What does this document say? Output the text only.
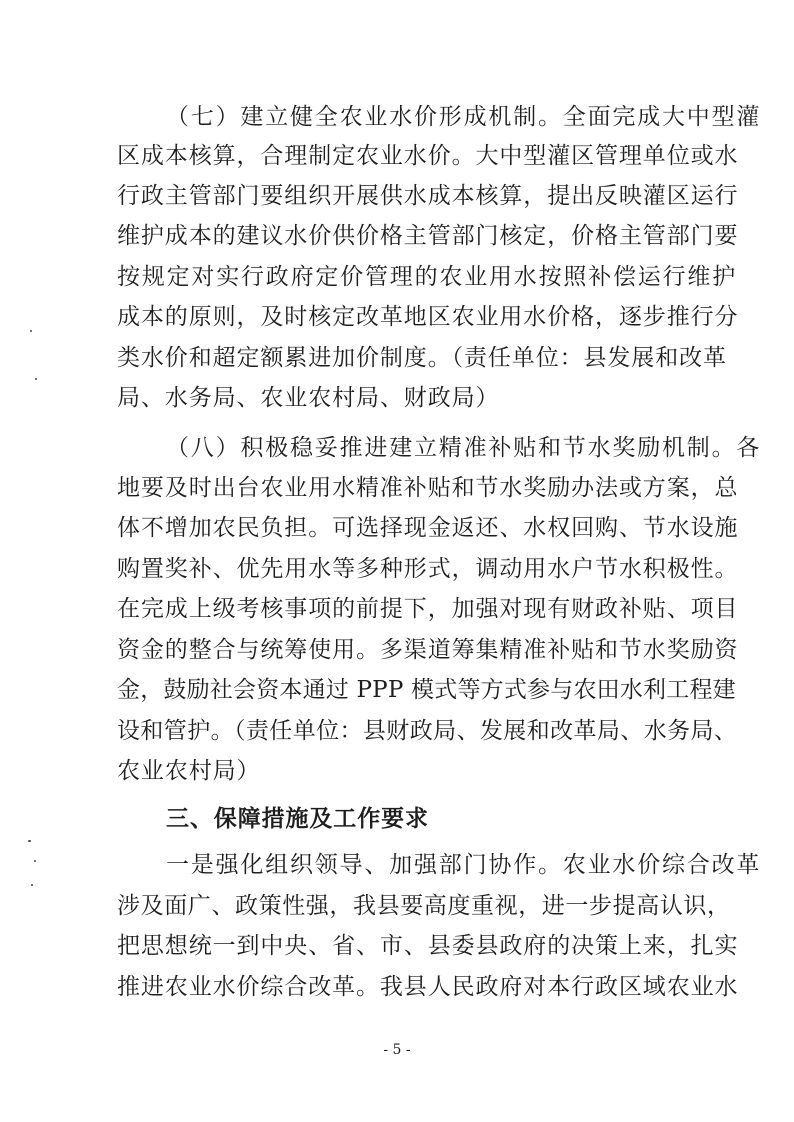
（七）建立健全农业水价形成机制。全面完成大中型灌
区成本核算，合理制定农业水价。大中型灌区管理单位或水
行政主管部门要组织开展供水成本核算，提出反映灌区运行
维护成本的建议水价供价格主管部门核定，价格主管部门要
按规定对实行政府定价管理的农业用水按照补偿运行维护
成本的原则，及时核定改革地区农业用水价格，逐步推行分
类水价和超定额累进加价制度。（责任单位：县发展和改革
局、水务局、农业农村局、财政局）
（八）积极稳妥推进建立精准补贴和节水奖励机制。各
地要及时出台农业用水精准补贴和节水奖励办法或方案，总
体不增加农民负担。可选择现金返还、水权回购、节水设施
购置奖补、优先用水等多种形式，调动用水户节水积极性。
在完成上级考核事项的前提下，加强对现有财政补贴、项目
资金的整合与统筹使用。多渠道筹集精准补贴和节水奖励资
金，鼓励社会资本通过 PPP 模式等方式参与农田水利工程建
设和管护。（责任单位：县财政局、发展和改革局、水务局、
农业农村局）
三、保障措施及工作要求
一是强化组织领导、加强部门协作。农业水价综合改革
涉及面广、政策性强，我县要高度重视，进一步提高认识，
把思想统一到中央、省、市、县委县政府的决策上来，扎实
推进农业水价综合改革。我县人民政府对本行政区域农业水
- 5 -
